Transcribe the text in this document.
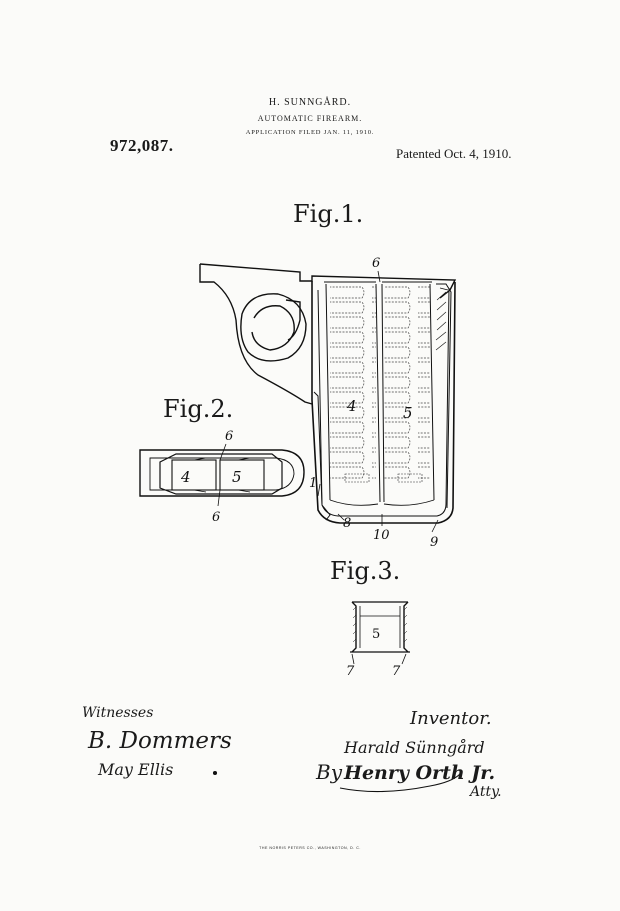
H. SUNNGÅRD.
AUTOMATIC FIREARM.
APPLICATION FILED JAN. 11, 1910.
972,087.	Patented Oct. 4, 1910.
Fig.1.
Fig.2.
Fig.3.
6
4	5
1
8
10	9
6
4	5
6
5
7	7
Witnesses
B. Dommers
May Ellis
Inventor.
Harald Sünngård
By Henry Orth Jr.
Atty.
THE NORRIS PETERS CO., WASHINGTON, D. C.
